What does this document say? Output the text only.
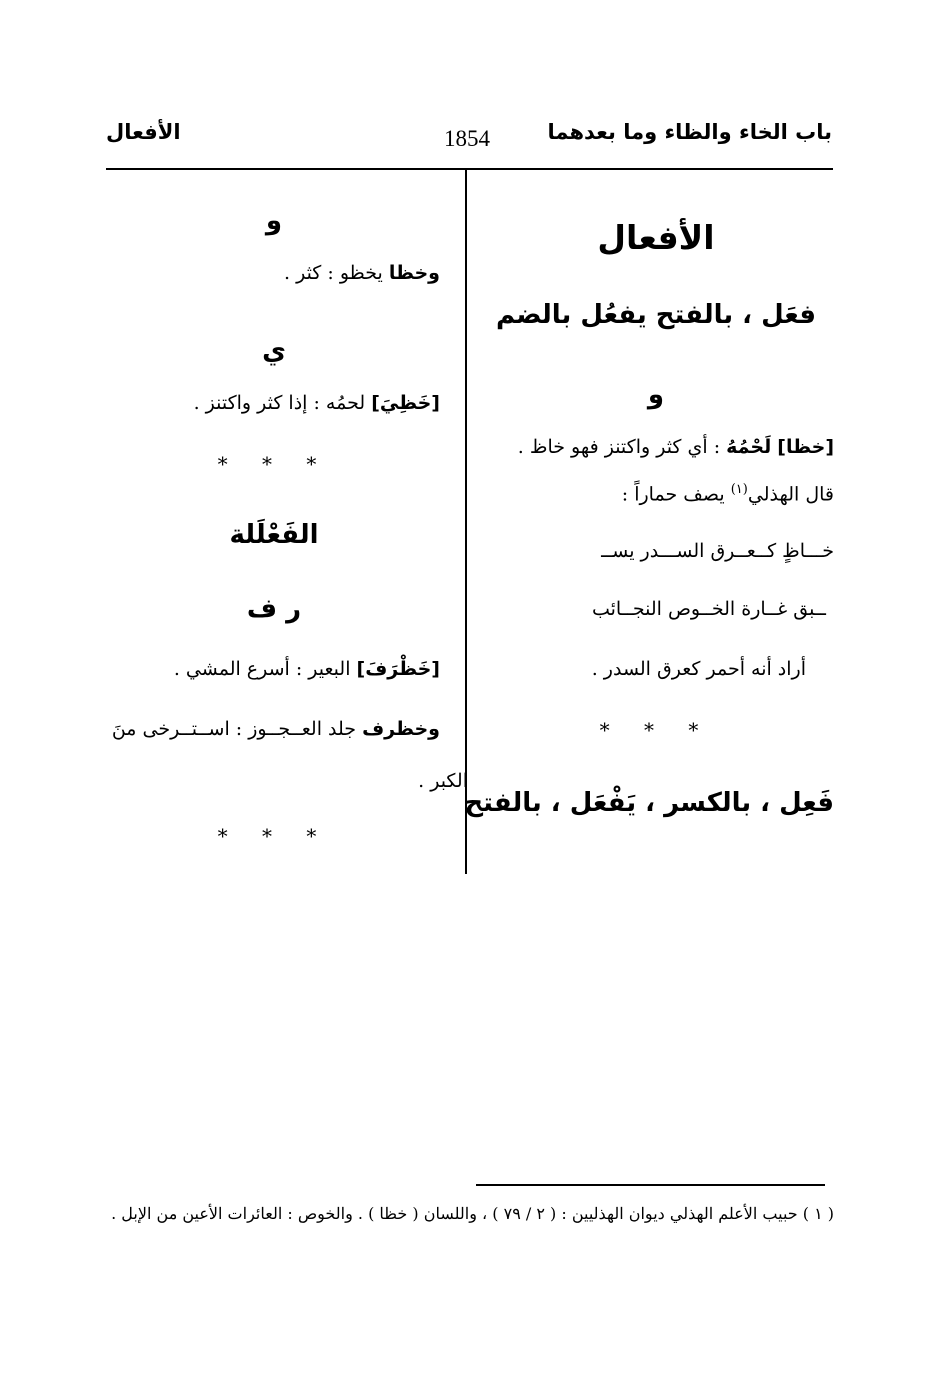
باب الخاء والظاء وما بعدهما
1854
الأفعال
الأفعال
فعَل ، بالفتح يفعُل بالضم
و
[خظا] لَحْمُهُ : أي كثر واكتنز فهو خاظ .
قال الهذلي$^{(١)}$ يصف حماراً :
خـــاظٍ كــعــرق الســـدر يســ
ــبق غــارة الخــوص النجــائب
أراد أنه أحمر كعرق السدر .
* * *
فَعِل ، بالكسر ، يَفْعَل ، بالفتح
و
وخظا يخظو : كثر .
ي
[خَظِيَ] لحمُه : إذا كثر واكتنز .
* * *
الفَعْلَلة
ر ف
[خَظْرَفَ] البعير : أسرع المشي .
وخظرف جلد العــجــوز : اســتــرخى منَ
الكبر .
* * *
( ١ ) حبيب الأعلم الهذلي ديوان الهذليين : ( ٢ / ٧٩ ) ، واللسان ( خظا ) . والخوص : العائرات الأعين من الإبل .
